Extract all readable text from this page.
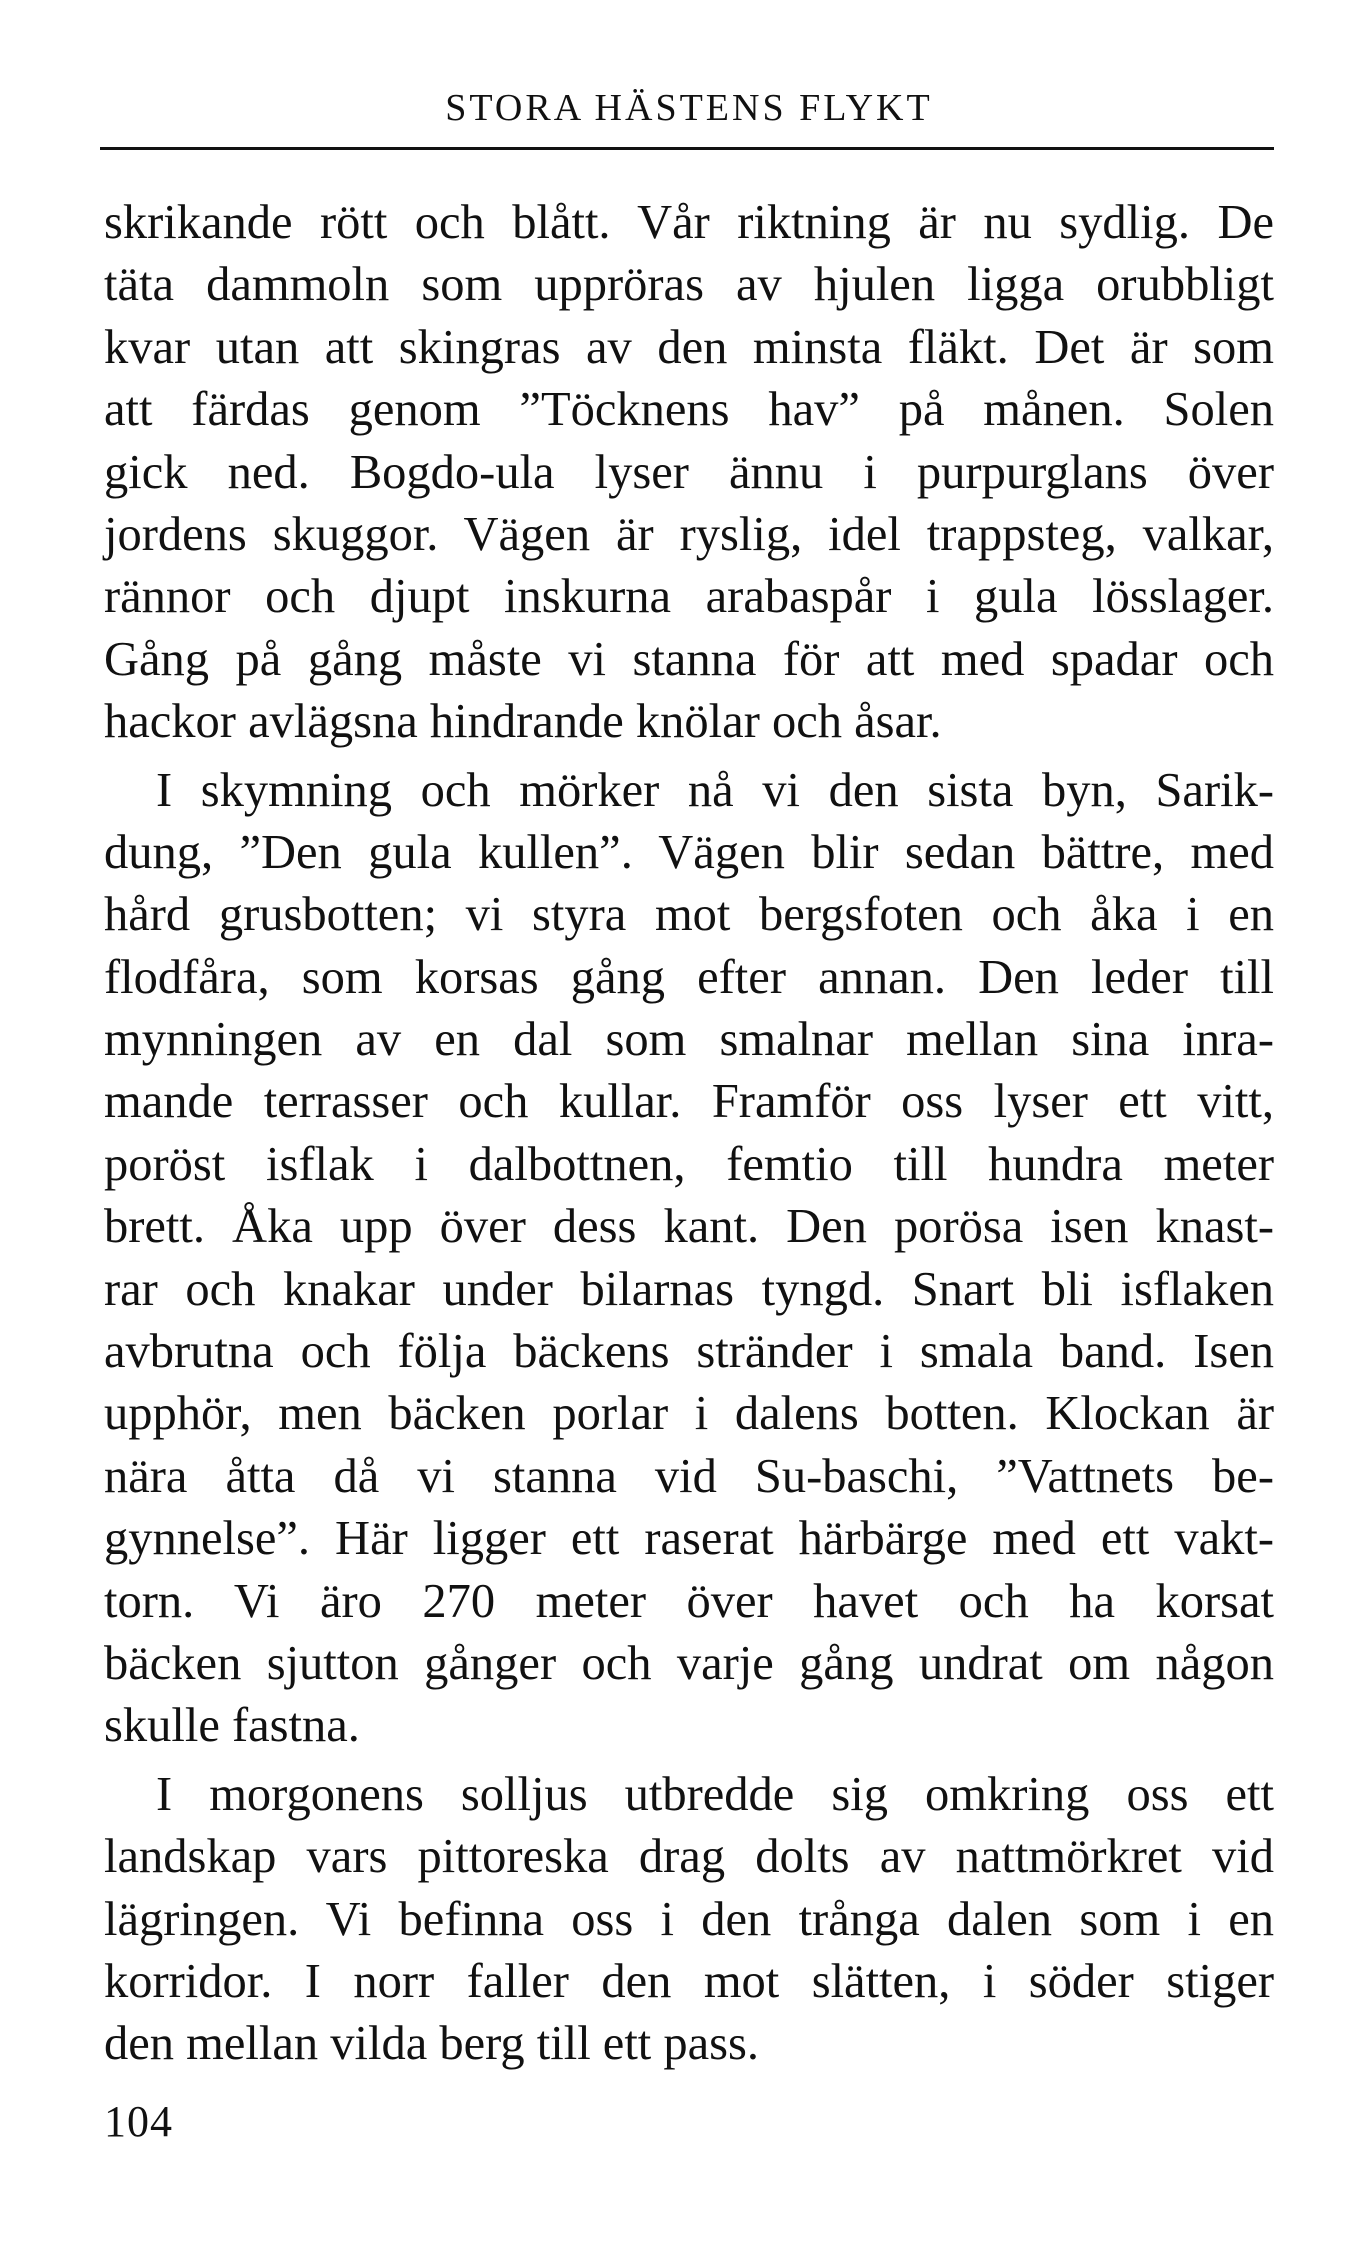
STORA HÄSTENS FLYKT
skrikande rött och blått. Vår riktning är nu sydlig. De
täta dammoln som uppröras av hjulen ligga orubbligt
kvar utan att skingras av den minsta fläkt. Det är som
att färdas genom ”Töcknens hav” på månen. Solen
gick ned. Bogdo-ula lyser ännu i purpurglans över
jordens skuggor. Vägen är ryslig, idel trappsteg, valkar,
rännor och djupt inskurna arabaspår i gula lösslager.
Gång på gång måste vi stanna för att med spadar och
hackor avlägsna hindrande knölar och åsar.
I skymning och mörker nå vi den sista byn, Sarik-
dung, ”Den gula kullen”. Vägen blir sedan bättre, med
hård grusbotten; vi styra mot bergsfoten och åka i en
flodfåra, som korsas gång efter annan. Den leder till
mynningen av en dal som smalnar mellan sina inra-
mande terrasser och kullar. Framför oss lyser ett vitt,
poröst isflak i dalbottnen, femtio till hundra meter
brett. Åka upp över dess kant. Den porösa isen knast-
rar och knakar under bilarnas tyngd. Snart bli isflaken
avbrutna och följa bäckens stränder i smala band. Isen
upphör, men bäcken porlar i dalens botten. Klockan är
nära åtta då vi stanna vid Su-baschi, ”Vattnets be-
gynnelse”. Här ligger ett raserat härbärge med ett vakt-
torn. Vi äro 270 meter över havet och ha korsat
bäcken sjutton gånger och varje gång undrat om någon
skulle fastna.
I morgonens solljus utbredde sig omkring oss ett
landskap vars pittoreska drag dolts av nattmörkret vid
lägringen. Vi befinna oss i den trånga dalen som i en
korridor. I norr faller den mot slätten, i söder stiger
den mellan vilda berg till ett pass.
104
